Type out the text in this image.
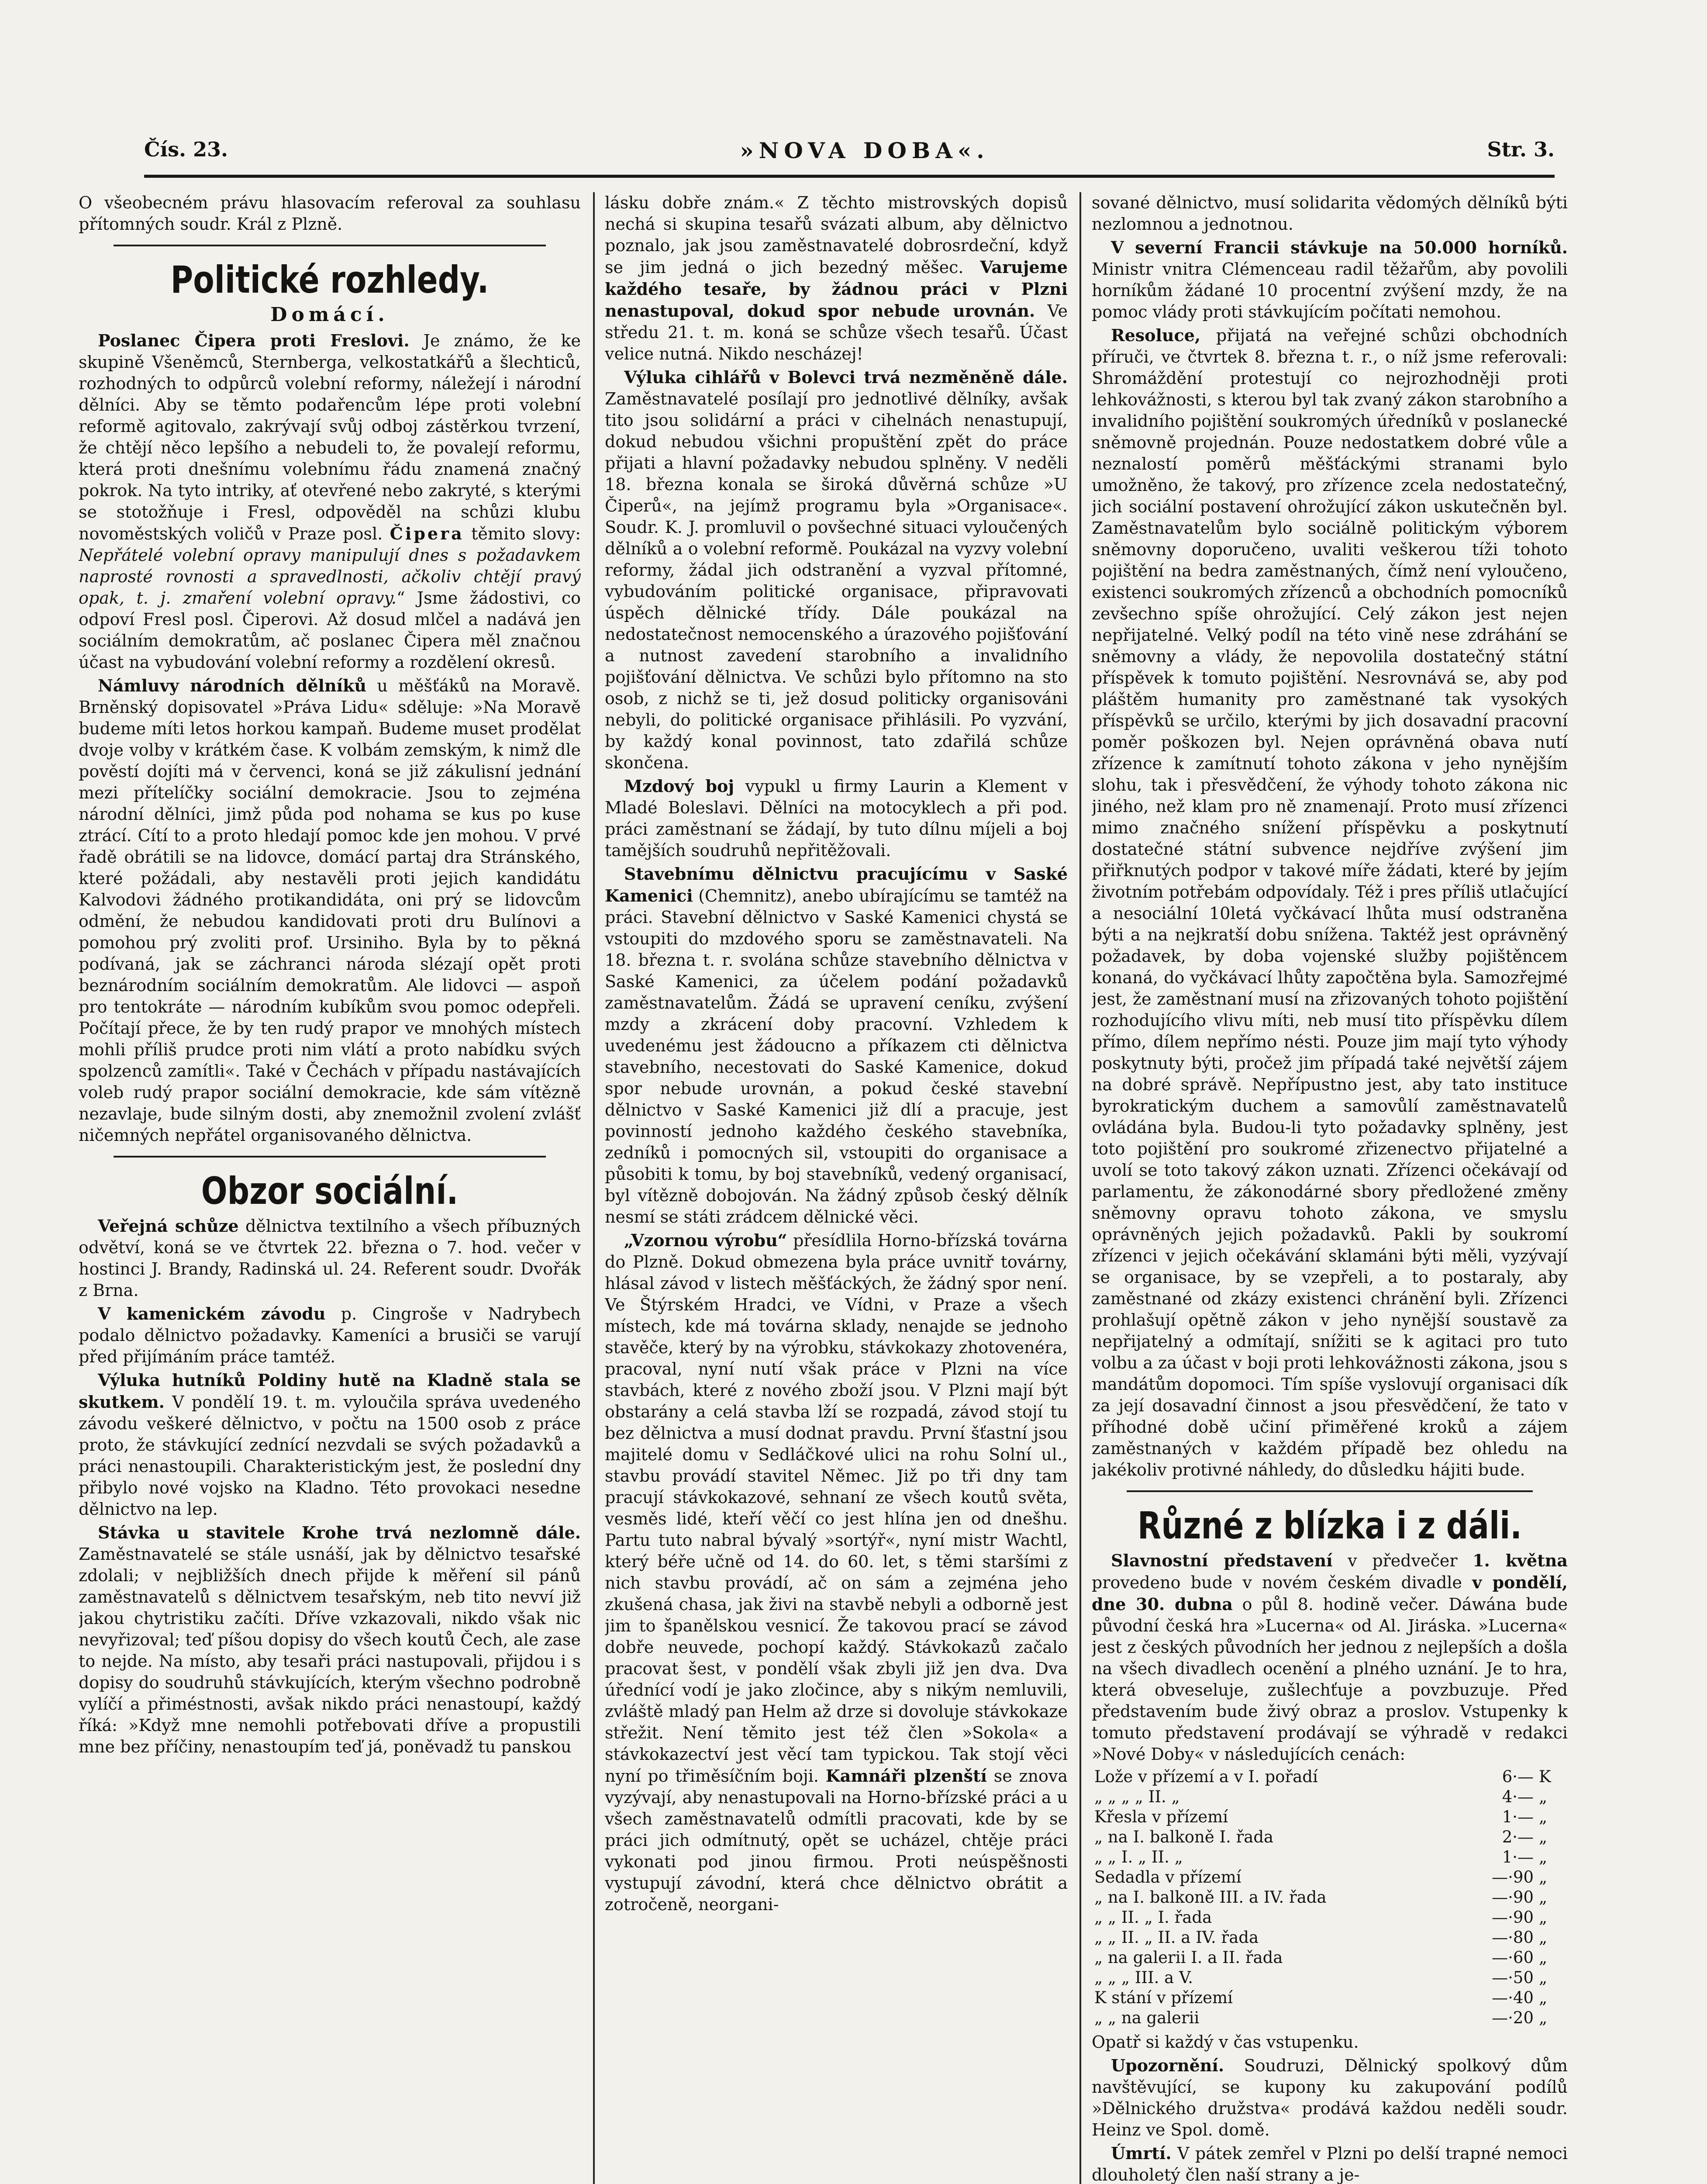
Čís. 23.	»NOVA DOBA«.	Str. 3.

O všeobecném právu hlasovacím referoval za souhlasu přítomných soudr. Král z Plzně.

Politické rozhledy.
Domácí.

Poslanec Čipera proti Freslovi. Je známo, že ke skupině Všeněmců, Sternberga, velkostatkářů a šlechticů, rozhodných to odpůrců volební reformy, náležejí i národní dělníci. Aby se těmto podařencům lépe proti volební reformě agitovalo, zakrývají svůj odboj zástěrkou tvrzení, že chtějí něco lepšího a nebudeli to, že povalejí reformu, která proti dnešnímu volebnímu řádu znamená značný pokrok. Na tyto intriky, ať otevřené nebo zakryté, s kterými se stotožňuje i Fresl, odpověděl na schůzi klubu novoměstských voličů v Praze posl. Čipera těmito slovy: Nepřátelé volební opravy manipulují dnes s požadavkem naprosté rovnosti a spravedlnosti, ačkoliv chtějí pravý opak, t. j. zmaření volební opravy.“ Jsme žádostivi, co odpoví Fresl posl. Čiperovi. Až dosud mlčel a nadává jen sociálním demokratům, ač poslanec Čipera měl značnou účast na vybudování volební reformy a rozdělení okresů.

Námluvy národních dělníků u měšťáků na Moravě. Brněnský dopisovatel »Práva Lidu« sděluje: »Na Moravě budeme míti letos horkou kampaň. Budeme muset prodělat dvoje volby v krátkém čase. K volbám zemským, k nimž dle pověstí dojíti má v červenci, koná se již zákulisní jednání mezi přítelíčky sociální demokracie. Jsou to zejména národní dělníci, jimž půda pod nohama se kus po kuse ztrácí. Cítí to a proto hledají pomoc kde jen mohou. V prvé řadě obrátili se na lidovce, domácí partaj dra Stránského, které požádali, aby nestavěli proti jejich kandidátu Kalvodovi žádného protikandidáta, oni prý se lidovcům odmění, že nebudou kandidovati proti dru Bulínovi a pomohou prý zvoliti prof. Ursiniho. Byla by to pěkná podívaná, jak se záchranci národa slézají opět proti beznárodním sociálním demokratům. Ale lidovci — aspoň pro tentokráte — národním kubíkům svou pomoc odepřeli. Počítají přece, že by ten rudý prapor ve mnohých místech mohli příliš prudce proti nim vlátí a proto nabídku svých spolzenců zamítli«. Také v Čechách v případu nastávajících voleb rudý prapor sociální demokracie, kde sám vítězně nezavlaje, bude silným dosti, aby znemožnil zvolení zvlášť ničemných nepřátel organisovaného dělnictva.

Obzor sociální.

Veřejná schůze dělnictva textilního a všech příbuzných odvětví, koná se ve čtvrtek 22. března o 7. hod. večer v hostinci J. Brandy, Radinská ul. 24. Referent soudr. Dvořák z Brna.

V kamenickém závodu p. Cingroše v Nadrybech podalo dělnictvo požadavky. Kameníci a brusiči se varují před přijímáním práce tamtéž.

Výluka hutníků Poldiny hutě na Kladně stala se skutkem. V pondělí 19. t. m. vyloučila správa uvedeného závodu veškeré dělnictvo, v počtu na 1500 osob z práce proto, že stávkující zednící nezvdali se svých požadavků a práci nenastoupili. Charakteristickým jest, že poslední dny přibylo nové vojsko na Kladno. Této provokaci nesedne dělnictvo na lep.

Stávka u stavitele Krohe trvá nezlomně dále. Zaměstnavatelé se stále usnáší, jak by dělnictvo tesařské zdolali; v nejbližších dnech přijde k měření sil pánů zaměstnavatelů s dělnictvem tesařským, neb tito nevví již jakou chytristiku začíti. Dříve vzkazovali, nikdo však nic nevyřizoval; teď píšou dopisy do všech koutů Čech, ale zase to nejde. Na místo, aby tesaři práci nastupovali, přijdou i s dopisy do soudruhů stávkujících, kterým všechno podrobně vylíčí a přiméstnosti, avšak nikdo práci nenastoupí, každý říká: »Když mne nemohli potřebovati dříve a propustili mne bez příčiny, nenastoupím teď já, poněvadž tu panskou

lásku dobře znám.« Z těchto mistrovských dopisů nechá si skupina tesařů svázati album, aby dělnictvo poznalo, jak jsou zaměstnavatelé dobrosrdeční, když se jim jedná o jich bezedný měšec. Varujeme každého tesaře, by žádnou práci v Plzni nenastupoval, dokud spor nebude urovnán. Ve středu 21. t. m. koná se schůze všech tesařů. Účast velice nutná. Nikdo nescházej!

Výluka cihlářů v Bolevci trvá nezměněně dále. Zaměstnavatelé posílají pro jednotlivé dělníky, avšak tito jsou solidární a práci v cihelnách nenastupují, dokud nebudou všichni propuštění zpět do práce přijati a hlavní požadavky nebudou splněny. V neděli 18. března konala se široká důvěrná schůze »U Čiperů«, na jejímž programu byla »Organisace«. Soudr. K. J. promluvil o povšechné situaci vyloučených dělníků a o volební reformě. Poukázal na vyzvy volební reformy, žádal jich odstranění a vyzval přítomné, vybudováním politické organisace, připravovati úspěch dělnické třídy. Dále poukázal na nedostatečnost nemocenského a úrazového pojišťování a nutnost zavedení starobního a invalidního pojišťování dělnictva. Ve schůzi bylo přítomno na sto osob, z nichž se ti, jež dosud politicky organisováni nebyli, do politické organisace přihlásili. Po vyzvání, by každý konal povinnost, tato zdařilá schůze skončena.

Mzdový boj vypukl u firmy Laurin a Klement v Mladé Boleslavi. Dělníci na motocyklech a při pod. práci zaměstnaní se žádají, by tuto dílnu míjeli a boj tamějších soudruhů nepřitěžovali.

Stavebnímu dělnictvu pracujícímu v Saské Kamenici (Chemnitz), anebo ubírajícímu se tamtéž na práci. Stavební dělnictvo v Saské Kamenici chystá se vstoupiti do mzdového sporu se zaměstnavateli. Na 18. března t. r. svolána schůze stavebního dělnictva v Saské Kamenici, za účelem podání požadavků zaměstnavatelům. Žádá se upravení ceníku, zvýšení mzdy a zkrácení doby pracovní. Vzhledem k uvedenému jest žádoucno a příkazem cti dělnictva stavebního, necestovati do Saské Kamenice, dokud spor nebude urovnán, a pokud české stavební dělnictvo v Saské Kamenici již dlí a pracuje, jest povinností jednoho každého českého stavebníka, zedníků i pomocných sil, vstoupiti do organisace a působiti k tomu, by boj stavebníků, vedený organisací, byl vítězně dobojován. Na žádný způsob český dělník nesmí se státi zrádcem dělnické věci.

„Vzornou výrobu“ přesídlila Horno-břízská továrna do Plzně. Dokud obmezena byla práce uvnitř továrny, hlásal závod v listech měšťáckých, že žádný spor není. Ve Štýrském Hradci, ve Vídni, v Praze a všech místech, kde má továrna sklady, nenajde se jednoho stavěče, který by na výrobku, stávkokazy zhotovenéra, pracoval, nyní nutí však práce v Plzni na více stavbách, které z nového zboží jsou. V Plzni mají být obstarány a celá stavba lží se rozpadá, závod stojí tu bez dělnictva a musí dodnat pravdu. První šťastní jsou majitelé domu v Sedláčkové ulici na rohu Solní ul., stavbu provádí stavitel Němec. Již po tři dny tam pracují stávkokazové, sehnaní ze všech koutů světa, vesměs lidé, kteří věčí co jest hlína jen od dnešhu. Partu tuto nabral bývalý »sortýř«, nyní mistr Wachtl, který béře učně od 14. do 60. let, s těmi staršími z nich stavbu provádí, ač on sám a zejména jeho zkušená chasa, jak živi na stavbě nebyli a odborně jest jim to španělskou vesnicí. Že takovou prací se závod dobře neuvede, pochopí každý. Stávkokazů začalo pracovat šest, v pondělí však zbyli již jen dva. Dva úřednící vodí je jako zločince, aby s nikým nemluvili, zvláště mladý pan Helm až drze si dovoluje stávkokaze střežit. Není těmito jest též člen »Sokola« a stávkokazectví jest věcí tam typickou. Tak stojí věci nyní po třiměsíčním boji. Kamnáři plzenští se znova vyzývají, aby nenastupovali na Horno-břízské práci a u všech zaměstnavatelů odmítli pracovati, kde by se práci jich odmítnutý, opět se ucházel, chtěje práci vykonati pod jinou firmou. Proti neúspěšnosti vystupují závodní, která chce dělnictvo obrátit a zotročeně, neorgani-

sované dělnictvo, musí solidarita vědomých dělníků býti nezlomnou a jednotnou.

V severní Francii stávkuje na 50.000 horníků. Ministr vnitra Clémenceau radil těžařům, aby povolili horníkům žádané 10 procentní zvýšení mzdy, že na pomoc vlády proti stávkujícím počítati nemohou.

Resoluce, přijatá na veřejné schůzi obchodních příruči, ve čtvrtek 8. března t. r., o níž jsme referovali: Shromáždění protestují co nejrozhodněji proti lehkovážnosti, s kterou byl tak zvaný zákon starobního a invalidního pojištění soukromých úředníků v poslanecké sněmovně projednán. Pouze nedostatkem dobré vůle a neznalostí poměrů měšťáckými stranami bylo umožněno, že takový, pro zřízence zcela nedostatečný, jich sociální postavení ohrožující zákon uskutečněn byl. Zaměstnavatelům bylo sociálně politickým výborem sněmovny doporučeno, uvaliti veškerou tíži tohoto pojištění na bedra zaměstnaných, čímž není vyloučeno, existenci soukromých zřízenců a obchodních pomocníků zevšechno spíše ohrožující. Celý zákon jest nejen nepřijatelné. Velký podíl na této vině nese zdráhání se sněmovny a vlády, že nepovolila dostatečný státní příspěvek k tomuto pojištění. Nesrovnává se, aby pod pláštěm humanity pro zaměstnané tak vysokých příspěvků se určilo, kterými by jich dosavadní pracovní poměr poškozen byl. Nejen oprávněná obava nutí zřízence k zamítnutí tohoto zákona v jeho nynějším slohu, tak i přesvědčení, že výhody tohoto zákona nic jiného, než klam pro ně znamenají. Proto musí zřízenci mimo značného snížení příspěvku a poskytnutí dostatečné státní subvence nejdříve zvýšení jim přiřknutých podpor v takové míře žádati, které by jejím životním potřebám odpovídaly. Též i pres příliš utlačující a nesociální 10letá vyčkávací lhůta musí odstraněna býti a na nejkratší dobu snížena. Taktéž jest oprávněný požadavek, by doba vojenské služby pojištěncem konaná, do vyčkávací lhůty započtěna byla. Samozřejmé jest, že zaměstnaní musí na zřizovaných tohoto pojištění rozhodujícího vlivu míti, neb musí tito příspěvku dílem přímo, dílem nepřímo nésti. Pouze jim mají tyto výhody poskytnuty býti, pročež jim případá také největší zájem na dobré správě. Nepřípustno jest, aby tato instituce byrokratickým duchem a samovůlí zaměstnavatelů ovládána byla. Budou-li tyto požadavky splněny, jest toto pojištění pro soukromé zřizenectvo přijatelné a uvolí se toto takový zákon uznati. Zřízenci očekávají od parlamentu, že zákonodárné sbory předložené změny sněmovny opravu tohoto zákona, ve smyslu oprávněných jejich požadavků. Pakli by soukromí zřízenci v jejich očekávání sklamáni býti měli, vyzývají se organisace, by se vzepřeli, a to postaraly, aby zaměstnané od zkázy existenci chránění byli. Zřízenci prohlašují opětně zákon v jeho nynější soustavě za nepřijatelný a odmítají, snížiti se k agitaci pro tuto volbu a za účast v boji proti lehkovážnosti zákona, jsou s mandátům dopomoci. Tím spíše vyslovují organisaci dík za její dosavadní činnost a jsou přesvědčení, že tato v příhodné době učiní přiměřené kroků a zájem zaměstnaných v každém případě bez ohledu na jakékoliv protivné náhledy, do důsledku hájiti bude.

Různé z blízka i z dáli.

Slavnostní představení v předvečer 1. května provedeno bude v novém českém divadle v pondělí, dne 30. dubna o půl 8. hodině večer. Dáwána bude původní česká hra »Lucerna« od Al. Jiráska. »Lucerna« jest z českých původních her jednou z nejlepších a došla na všech divadlech ocenění a plného uznání. Je to hra, která obveseluje, zušlechťuje a povzbuzuje. Před představením bude živý obraz a proslov. Vstupenky k tomuto představení prodávají se výhradě v redakci »Nové Doby« v následujících cenách:

Lože v přízemí a v I. pořadí	6·—	K
„ „ „ „ II. „	4·—	„
Křesla v přízemí	1·—	„
„ na I. balkoně I. řada	2·—	„
„ „ I. „ II. „	1·—	„
Sedadla v přízemí	—·90	„
„ na I. balkoně III. a IV. řada	—·90	„
„ „ II. „ I. řada	—·90	„
„ „ II. „ II. a IV. řada	—·80	„
„ na galerii I. a II. řada	—·60	„
„ „ „ III. a V.	—·50	„
K stání v přízemí	—·40	„
„ „ na galerii	—·20	„

Opatř si každý v čas vstupenku.

Upozornění. Soudruzi, Dělnický spolkový dům navštěvující, se kupony ku zakupování podílů »Dělnického družstva« prodává každou neděli soudr. Heinz ve Spol. domě.

Úmrtí. V pátek zemřel v Plzni po delší trapné nemoci dlouholetý člen naší strany a je-
